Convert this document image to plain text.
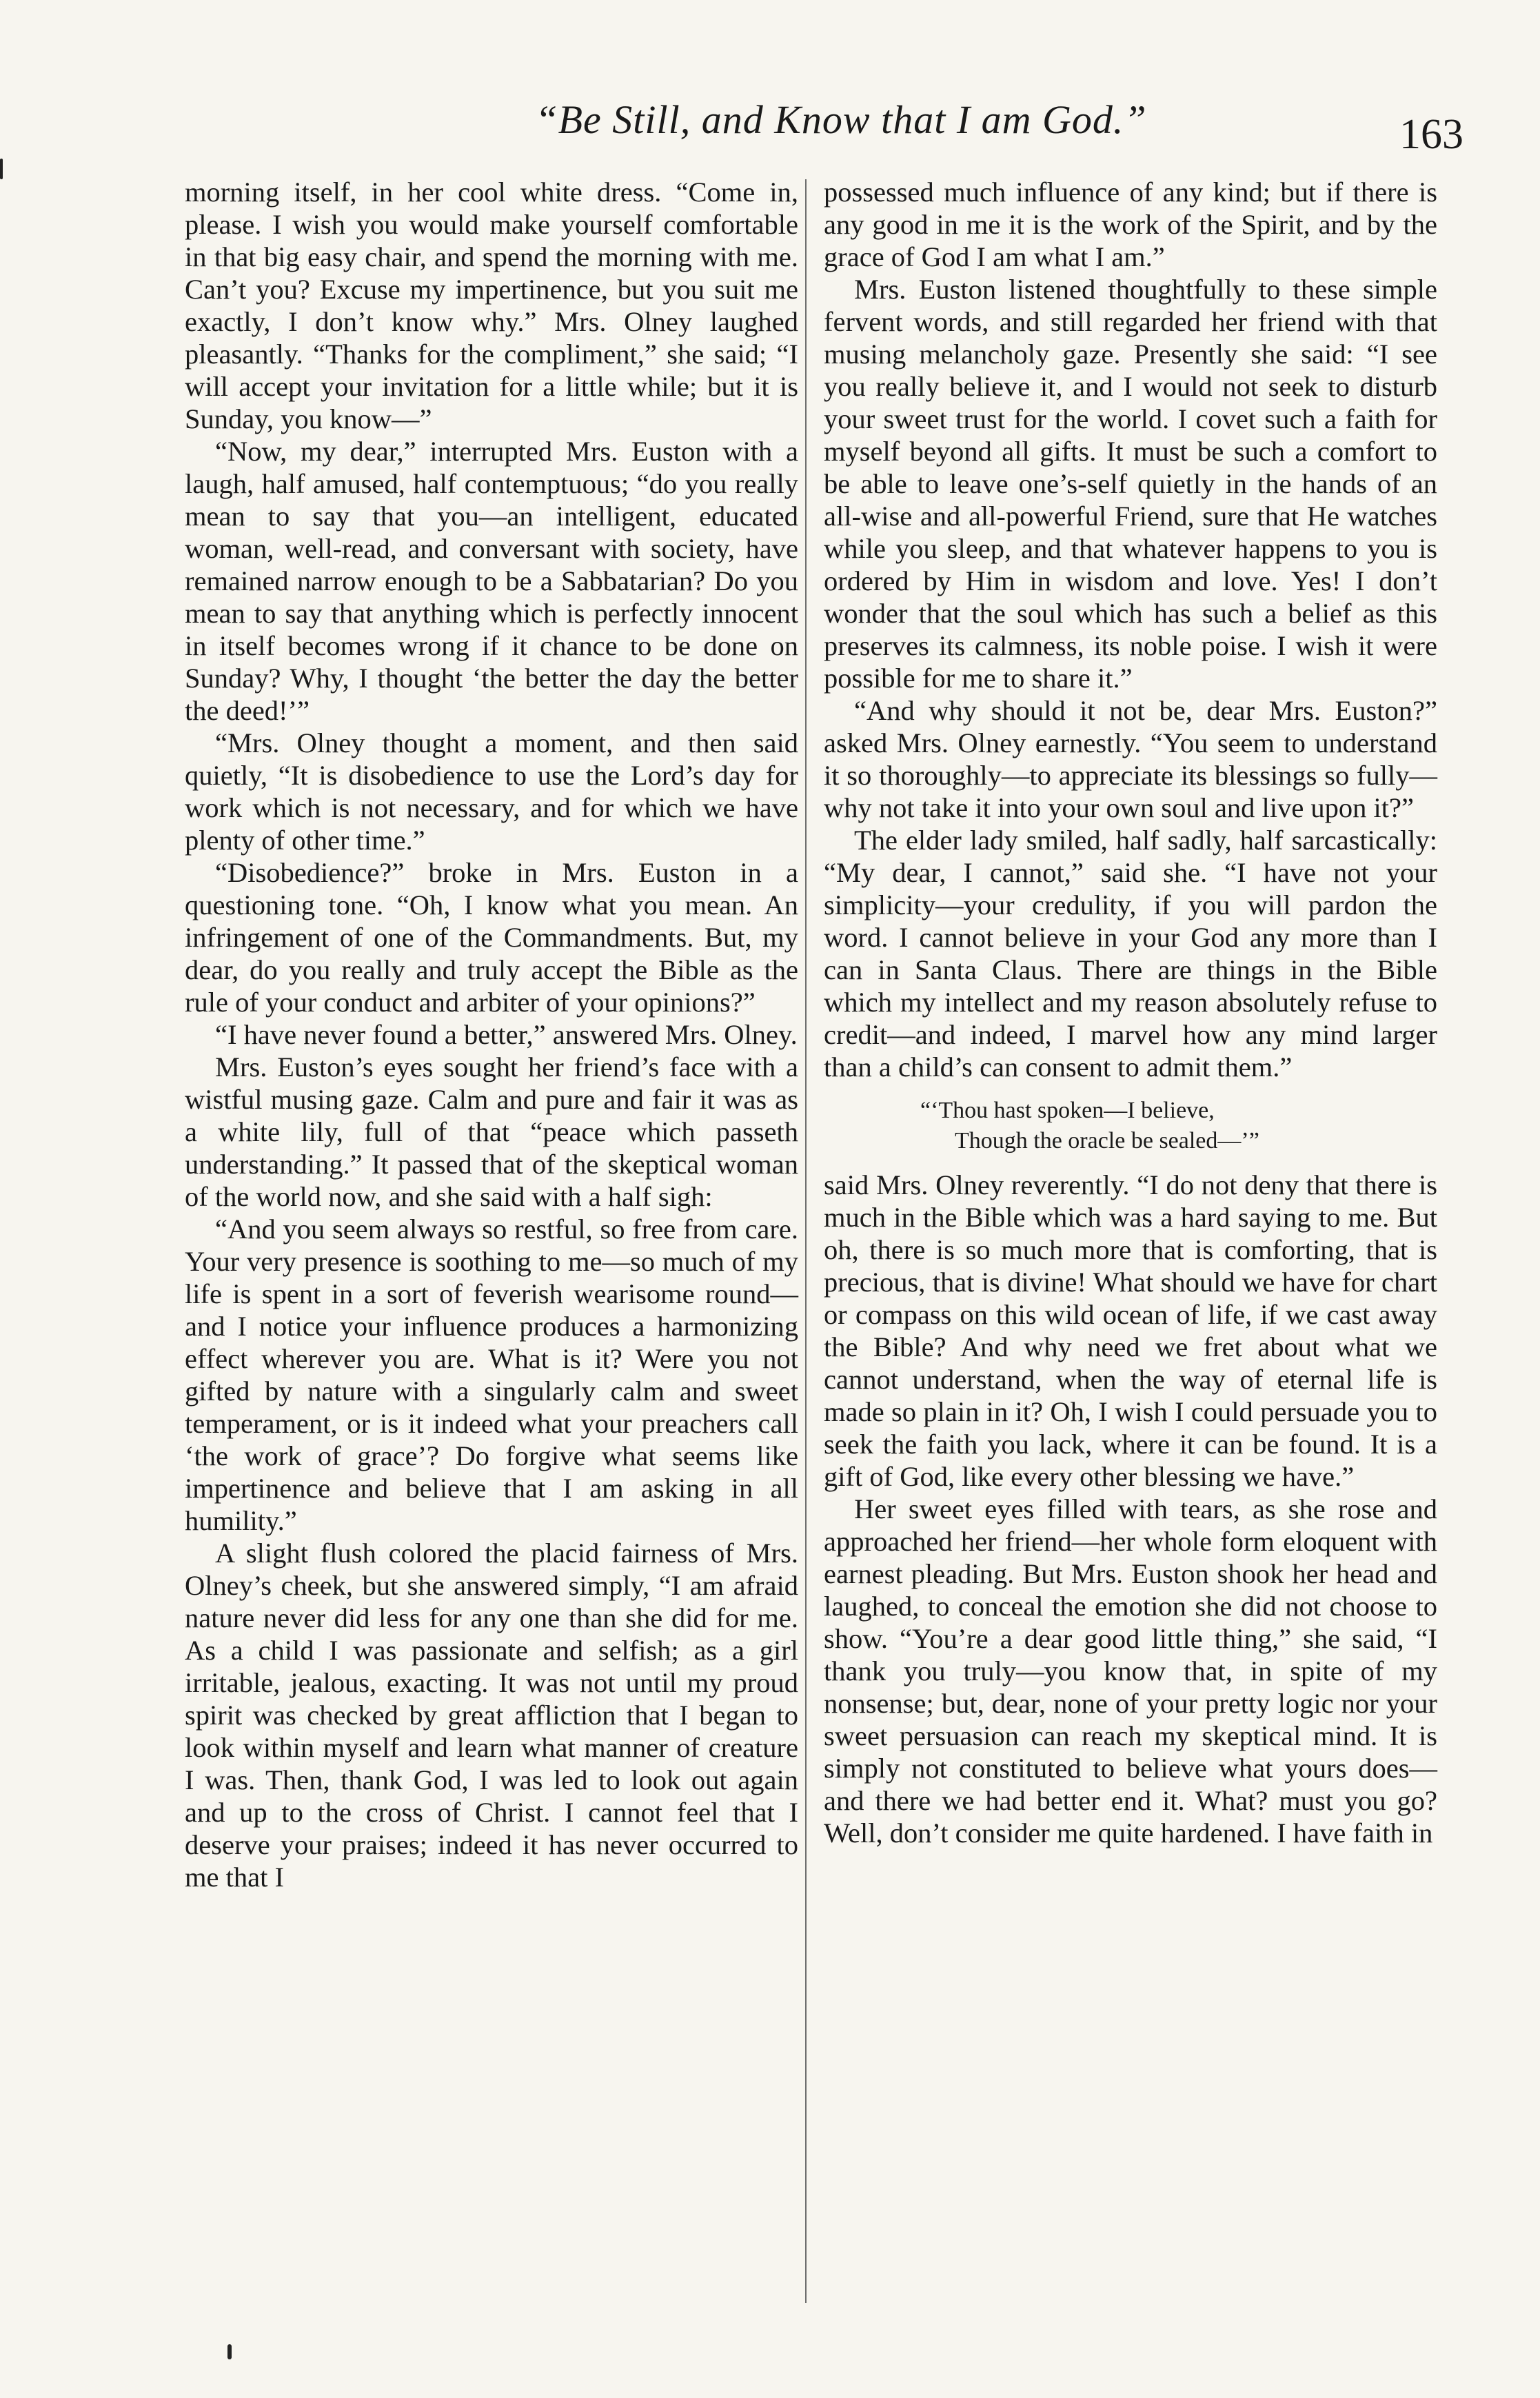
“Be Still, and Know that I am God.”	163

morning itself, in her cool white dress. “Come in, please. I wish you would make yourself comfortable in that big easy chair, and spend the morning with me. Can’t you? Excuse my impertinence, but you suit me exactly, I don’t know why.” Mrs. Olney laughed pleasantly. “Thanks for the compliment,” she said; “I will accept your invitation for a little while; but it is Sunday, you know—”

“Now, my dear,” interrupted Mrs. Euston with a laugh, half amused, half contemptuous; “do you really mean to say that you—an intelligent, educated woman, well-read, and conversant with society, have remained narrow enough to be a Sabbatarian? Do you mean to say that anything which is perfectly innocent in itself becomes wrong if it chance to be done on Sunday? Why, I thought ‘the better the day the better the deed!’”

“Mrs. Olney thought a moment, and then said quietly, “It is disobedience to use the Lord’s day for work which is not necessary, and for which we have plenty of other time.”

“Disobedience?” broke in Mrs. Euston in a questioning tone. “Oh, I know what you mean. An infringement of one of the Commandments. But, my dear, do you really and truly accept the Bible as the rule of your conduct and arbiter of your opinions?”

“I have never found a better,” answered Mrs. Olney.

Mrs. Euston’s eyes sought her friend’s face with a wistful musing gaze. Calm and pure and fair it was as a white lily, full of that “peace which passeth understanding.” It passed that of the skeptical woman of the world now, and she said with a half sigh:

“And you seem always so restful, so free from care. Your very presence is soothing to me—so much of my life is spent in a sort of feverish wearisome round—and I notice your influence produces a harmonizing effect wherever you are. What is it? Were you not gifted by nature with a singularly calm and sweet temperament, or is it indeed what your preachers call ‘the work of grace’? Do forgive what seems like impertinence and believe that I am asking in all humility.”

A slight flush colored the placid fairness of Mrs. Olney’s cheek, but she answered simply, “I am afraid nature never did less for any one than she did for me. As a child I was passionate and selfish; as a girl irritable, jealous, exacting. It was not until my proud spirit was checked by great affliction that I began to look within myself and learn what manner of creature I was. Then, thank God, I was led to look out again and up to the cross of Christ. I cannot feel that I deserve your praises; indeed it has never occurred to me that I

possessed much influence of any kind; but if there is any good in me it is the work of the Spirit, and by the grace of God I am what I am.”

Mrs. Euston listened thoughtfully to these simple fervent words, and still regarded her friend with that musing melancholy gaze. Presently she said: “I see you really believe it, and I would not seek to disturb your sweet trust for the world. I covet such a faith for myself beyond all gifts. It must be such a comfort to be able to leave one’s-self quietly in the hands of an all-wise and all-powerful Friend, sure that He watches while you sleep, and that whatever happens to you is ordered by Him in wisdom and love. Yes! I don’t wonder that the soul which has such a belief as this preserves its calmness, its noble poise. I wish it were possible for me to share it.”

“And why should it not be, dear Mrs. Euston?” asked Mrs. Olney earnestly. “You seem to understand it so thoroughly—to appreciate its blessings so fully—why not take it into your own soul and live upon it?”

The elder lady smiled, half sadly, half sarcastically: “My dear, I cannot,” said she. “I have not your simplicity—your credulity, if you will pardon the word. I cannot believe in your God any more than I can in Santa Claus. There are things in the Bible which my intellect and my reason absolutely refuse to credit—and indeed, I marvel how any mind larger than a child’s can consent to admit them.”

“‘Thou hast spoken—I believe,
Though the oracle be sealed—’”

said Mrs. Olney reverently. “I do not deny that there is much in the Bible which was a hard saying to me. But oh, there is so much more that is comforting, that is precious, that is divine! What should we have for chart or compass on this wild ocean of life, if we cast away the Bible? And why need we fret about what we cannot understand, when the way of eternal life is made so plain in it? Oh, I wish I could persuade you to seek the faith you lack, where it can be found. It is a gift of God, like every other blessing we have.”

Her sweet eyes filled with tears, as she rose and approached her friend—her whole form eloquent with earnest pleading. But Mrs. Euston shook her head and laughed, to conceal the emotion she did not choose to show. “You’re a dear good little thing,” she said, “I thank you truly—you know that, in spite of my nonsense; but, dear, none of your pretty logic nor your sweet persuasion can reach my skeptical mind. It is simply not constituted to believe what yours does—and there we had better end it. What? must you go? Well, don’t consider me quite hardened. I have faith in
